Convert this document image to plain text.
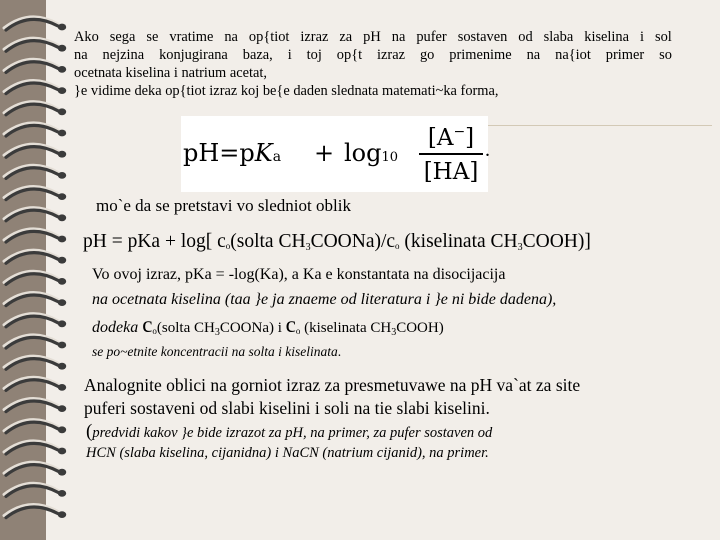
Ako sega se vratime na op{tiot izraz za pH na pufer sostaven od slaba kiselina i sol
na nejzina konjugirana baza, i toj op{t izraz go primenime na na{iot primer so
ocetnata kiselina i natrium acetat,
}e vidime deka op{tiot izraz koj be{e daden slednata matemati~ka forma,
pH=pKa + log10
[A−]
[HA]
.
mo`e da se pretstavi vo sledniot oblik
pH = pKa + log[ co(solta $CH_3COONa)/co$ (kiselinata $CH_3COOH$)]
Vo ovoj izraz, pKa = -log(Ka), a Ka e konstantata na disocijacija
na ocetnata kiselina (taa }e ja znaeme od literatura i }e ni bide dadena),
dodeka co(solta $CH_3COONa$) i co (kiselinata $CH_3COOH$)
se po~etnite koncentracii na solta i kiselinata.
Analognite oblici na gorniot izraz za presmetuvawe na pH va`at za site
puferi sostaveni od slabi kiselini i soli na tie slabi kiselini.
(predvidi kakov }e bide izrazot za pH, na primer, za pufer sostaven od
HCN (slaba kiselina, cijanidna) i NaCN (natrium cijanid), na primer.
